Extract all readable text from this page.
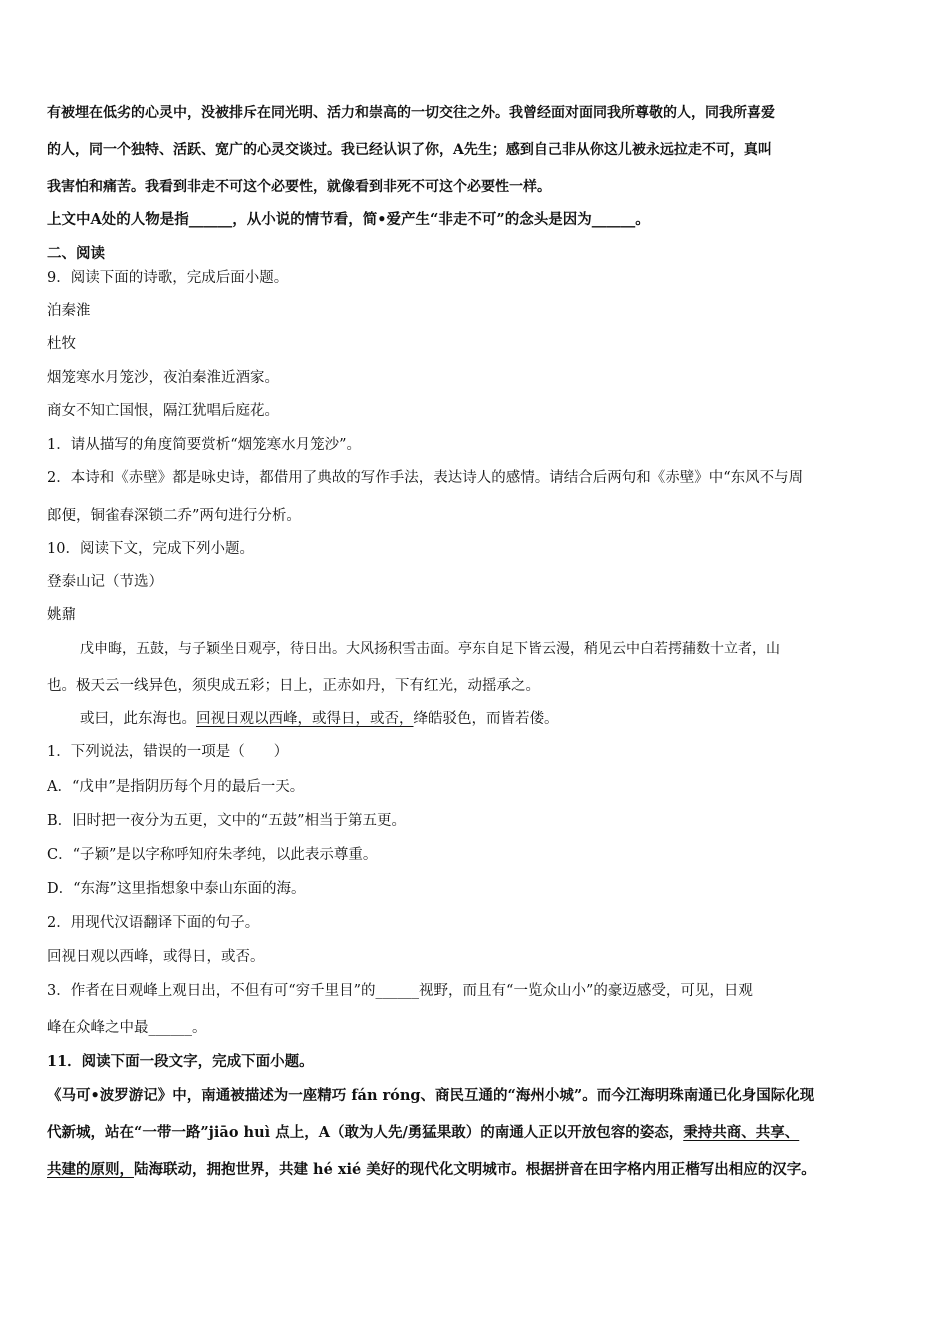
有被埋在低劣的心灵中，没被排斥在同光明、活力和崇高的一切交往之外。我曾经面对面同我所尊敬的人，同我所喜爱
的人，同一个独特、活跃、宽广的心灵交谈过。我已经认识了你，A先生；感到自己非从你这儿被永远拉走不可，真叫
我害怕和痛苦。我看到非走不可这个必要性，就像看到非死不可这个必要性一样。
上文中A处的人物是指______，从小说的情节看，简•爱产生“非走不可”的念头是因为______。
二、阅读
9．阅读下面的诗歌，完成后面小题。
泊秦淮
杜牧
烟笼寒水月笼沙，夜泊秦淮近酒家。
商女不知亡国恨，隔江犹唱后庭花。
1．请从描写的角度简要赏析“烟笼寒水月笼沙”。
2．本诗和《赤壁》都是咏史诗，都借用了典故的写作手法，表达诗人的感情。请结合后两句和《赤壁》中“东风不与周
郎便，铜雀春深锁二乔”两句进行分析。
10．阅读下文，完成下列小题。
登泰山记（节选）
姚鼐
戊申晦，五鼓，与子颖坐日观亭，待日出。大风扬积雪击面。亭东自足下皆云漫，稍见云中白若摴蒱数十立者，山
也。极天云一线异色，须臾成五彩；日上，正赤如丹，下有红光，动摇承之。
或曰，此东海也。回视日观以西峰，或得日，或否，绛皓驳色，而皆若偻。
1．下列说法，错误的一项是（　　）
A．“戊申”是指阴历每个月的最后一天。
B．旧时把一夜分为五更，文中的“五鼓”相当于第五更。
C．“子颖”是以字称呼知府朱孝纯，以此表示尊重。
D．“东海”这里指想象中泰山东面的海。
2．用现代汉语翻译下面的句子。
回视日观以西峰，或得日，或否。
3．作者在日观峰上观日出，不但有可“穷千里目”的______视野，而且有“一览众山小”的豪迈感受，可见，日观
峰在众峰之中最______。
11．阅读下面一段文字，完成下面小题。
《马可•波罗游记》中，南通被描述为一座精巧 fán róng、商民互通的“海州小城”。而今江海明珠南通已化身国际化现
代新城，站在“一带一路”jiāo huì 点上，A（敢为人先/勇猛果敢）的南通人正以开放包容的姿态，秉持共商、共享、
共建的原则，陆海联动，拥抱世界，共建 hé xié 美好的现代化文明城市。根据拼音在田字格内用正楷写出相应的汉字。
